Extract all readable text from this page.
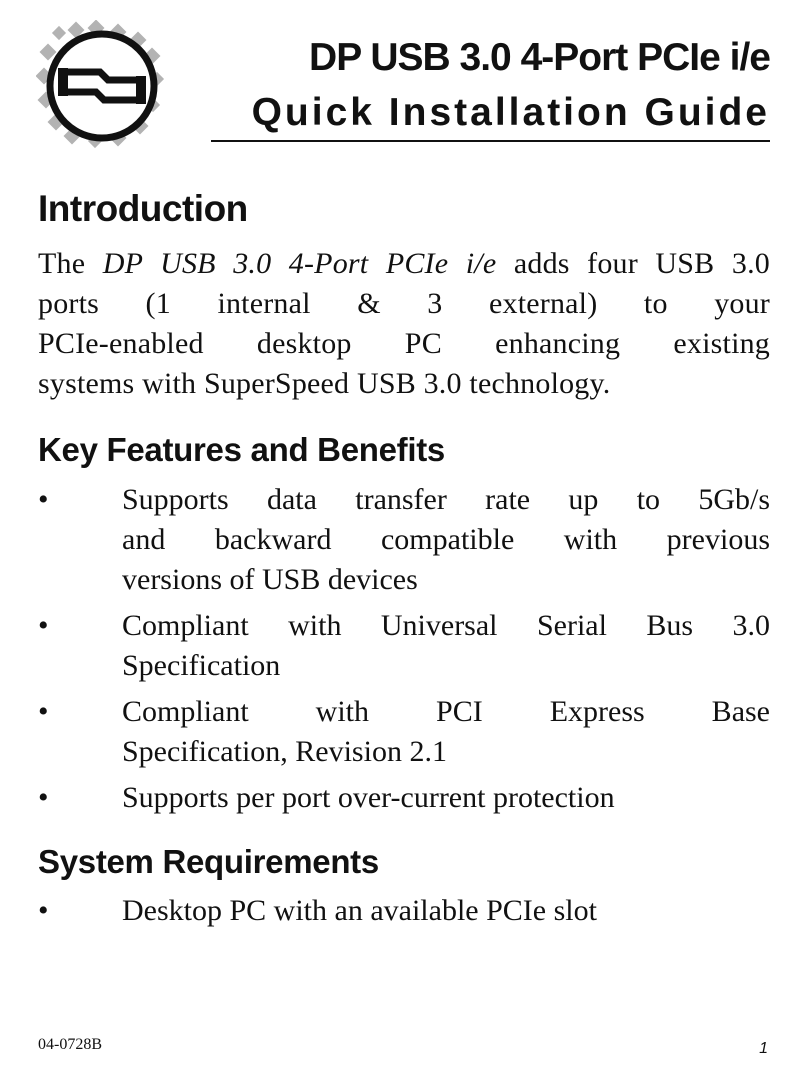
DP USB 3.0 4-Port PCIe i/e
Quick Installation Guide
Introduction
The DP USB 3.0 4-Port PCIe i/e adds four USB 3.0
ports (1 internal & 3 external) to your
PCIe-enabled desktop PC enhancing existing
systems with SuperSpeed USB 3.0 technology.
Key Features and Benefits
•	Supports data transfer rate up to 5Gb/s
and backward compatible with previous
versions of USB devices
•	Compliant with Universal Serial Bus 3.0
Specification
•	Compliant with PCI Express Base
Specification, Revision 2.1
•	Supports per port over-current protection
System Requirements
•	Desktop PC with an available PCIe slot
04-0728B	1
